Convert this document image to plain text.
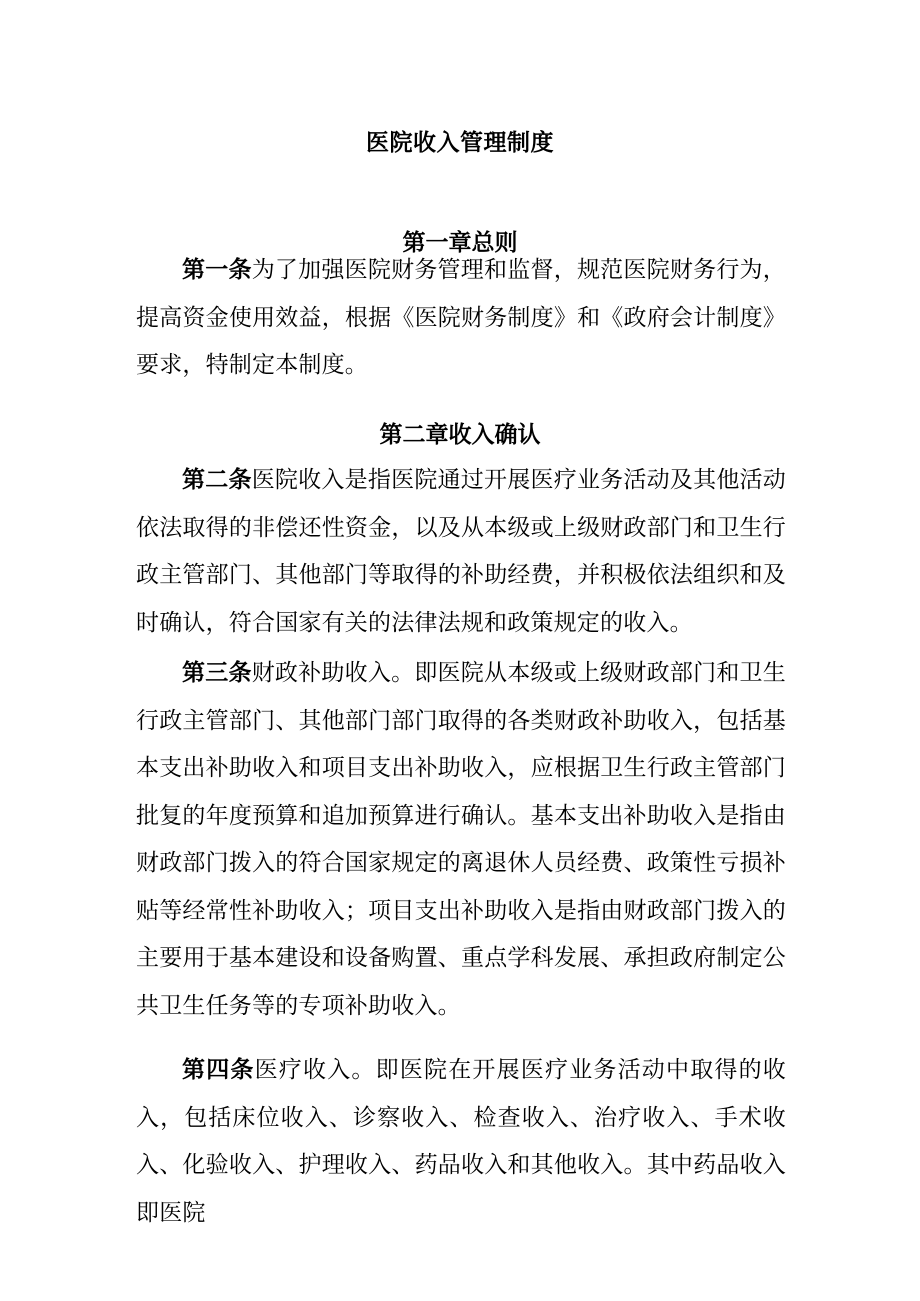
医院收入管理制度
第一章总则

第一条为了加强医院财务管理和监督，规范医院财务行为，提高资金使用效益，根据《医院财务制度》和《政府会计制度》要求，特制定本制度。

第二章收入确认

第二条医院收入是指医院通过开展医疗业务活动及其他活动依法取得的非偿还性资金，以及从本级或上级财政部门和卫生行政主管部门、其他部门等取得的补助经费，并积极依法组织和及时确认，符合国家有关的法律法规和政策规定的收入。

第三条财政补助收入。即医院从本级或上级财政部门和卫生行政主管部门、其他部门部门取得的各类财政补助收入，包括基本支出补助收入和项目支出补助收入，应根据卫生行政主管部门批复的年度预算和追加预算进行确认。基本支出补助收入是指由财政部门拨入的符合国家规定的离退休人员经费、政策性亏损补贴等经常性补助收入；项目支出补助收入是指由财政部门拨入的主要用于基本建设和设备购置、重点学科发展、承担政府制定公共卫生任务等的专项补助收入。

第四条医疗收入。即医院在开展医疗业务活动中取得的收入，包括床位收入、诊察收入、检查收入、治疗收入、手术收入、化验收入、护理收入、药品收入和其他收入。其中药品收入即医院
